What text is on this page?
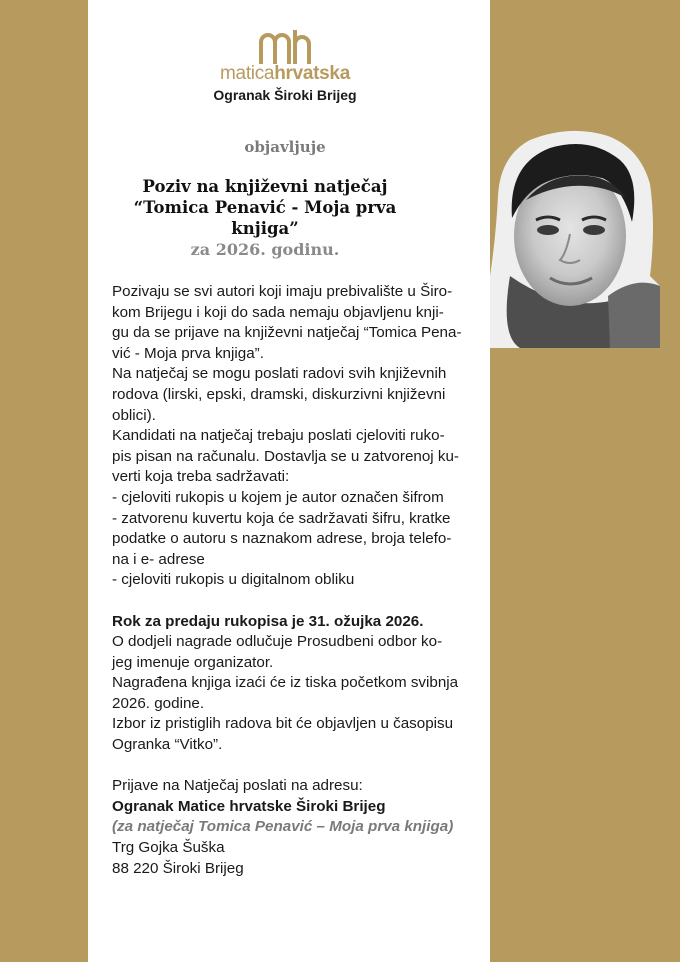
maticahrvatska
Ogranak Široki Brijeg
objavljuje
Poziv na književni natječaj
“Tomica Penavić - Moja prva knjiga”
za 2026. godinu.

Pozivaju se svi autori koji imaju prebivalište u Širo-

kom Brijegu i koji do sada nemaju objavljenu knji-

gu da se prijave na književni natječaj “Tomica Pena-

vić - Moja prva knjiga”.

Na natječaj se mogu poslati radovi svih književnih

rodova (lirski, epski, dramski, diskurzivni književni

oblici).

Kandidati na natječaj trebaju poslati cjeloviti ruko-

pis pisan na računalu. Dostavlja se u zatvorenoj ku-

verti koja treba sadržavati:

- cjeloviti rukopis u kojem je autor označen šifrom

- zatvorenu kuvertu koja će sadržavati šifru, kratke

podatke o autoru s naznakom adrese, broja telefo-

na i e- adrese

- cjeloviti rukopis u digitalnom obliku

Rok za predaju rukopisa je 31. ožujka 2026.

O dodjeli nagrade odlučuje Prosudbeni odbor ko-

jeg imenuje organizator.

Nagrađena knjiga izaći će iz tiska početkom svibnja

2026. godine.

Izbor iz pristiglih radova bit će objavljen u časopisu

Ogranka “Vitko”.

Prijave na Natječaj poslati na adresu:

Ogranak Matice hrvatske Široki Brijeg

(za natječaj Tomica Penavić – Moja prva knjiga)

Trg Gojka Šuška

88 220 Široki Brijeg
